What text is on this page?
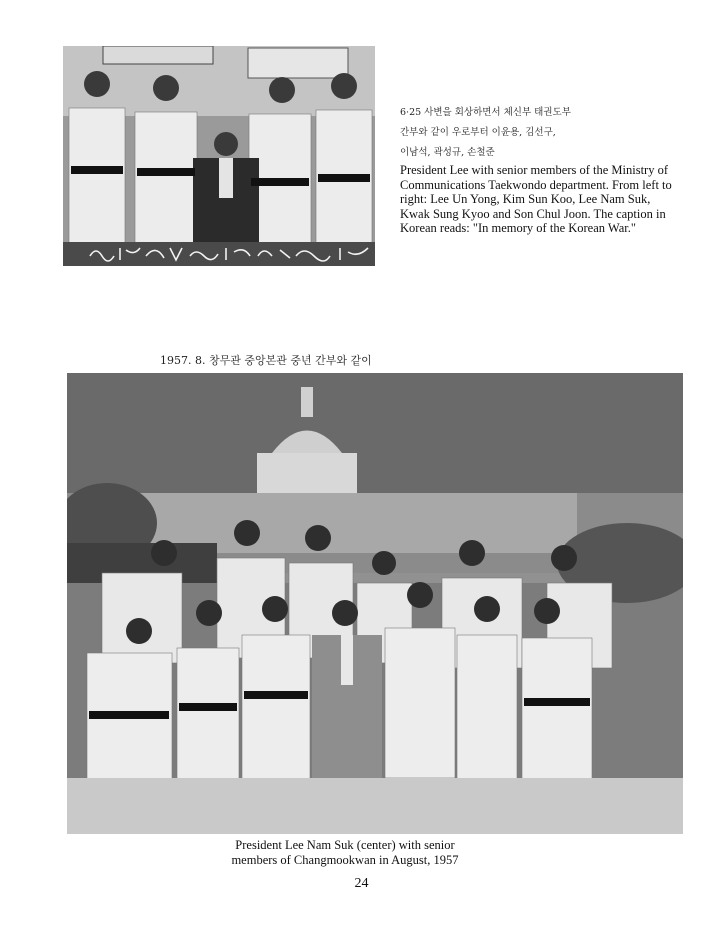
6·25 사변을 회상하면서 체신부 태권도부
간부와 같이 우로부터 이윤용, 김선구,
이남석, 곽성규, 손철준

President Lee with senior members of the Ministry of Communications Taekwondo department. From left to right: Lee Un Yong, Kim Sun Koo, Lee Nam Suk, Kwak Sung Kyoo and Son Chul Joon. The caption in Korean reads: "In memory of the Korean War."

1957. 8. 창무관 중앙본관 중년 간부와 같이

President Lee Nam Suk (center) with senior
members of Changmookwan in August, 1957

24
